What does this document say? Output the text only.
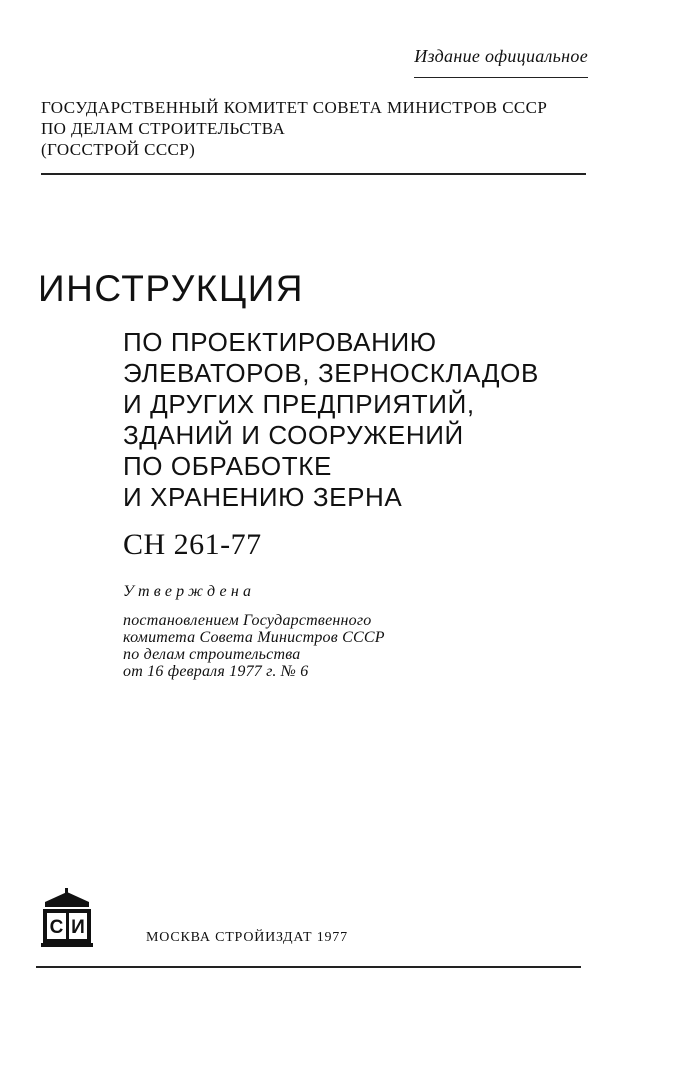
Издание официальное
ГОСУДАРСТВЕННЫЙ КОМИТЕТ СОВЕТА МИНИСТРОВ СССР
ПО ДЕЛАМ СТРОИТЕЛЬСТВА
(ГОССТРОЙ СССР)
ИНСТРУКЦИЯ
ПО ПРОЕКТИРОВАНИЮ
ЭЛЕВАТОРОВ, ЗЕРНОСКЛАДОВ
И ДРУГИХ ПРЕДПРИЯТИЙ,
ЗДАНИЙ И СООРУЖЕНИЙ
ПО ОБРАБОТКЕ
И ХРАНЕНИЮ ЗЕРНА
СН 261-77
Утверждена
постановлением Государственного
комитета Совета Министров СССР
по делам строительства
от 16 февраля 1977 г. № 6
С И	МОСКВА СТРОЙИЗДАТ 1977
